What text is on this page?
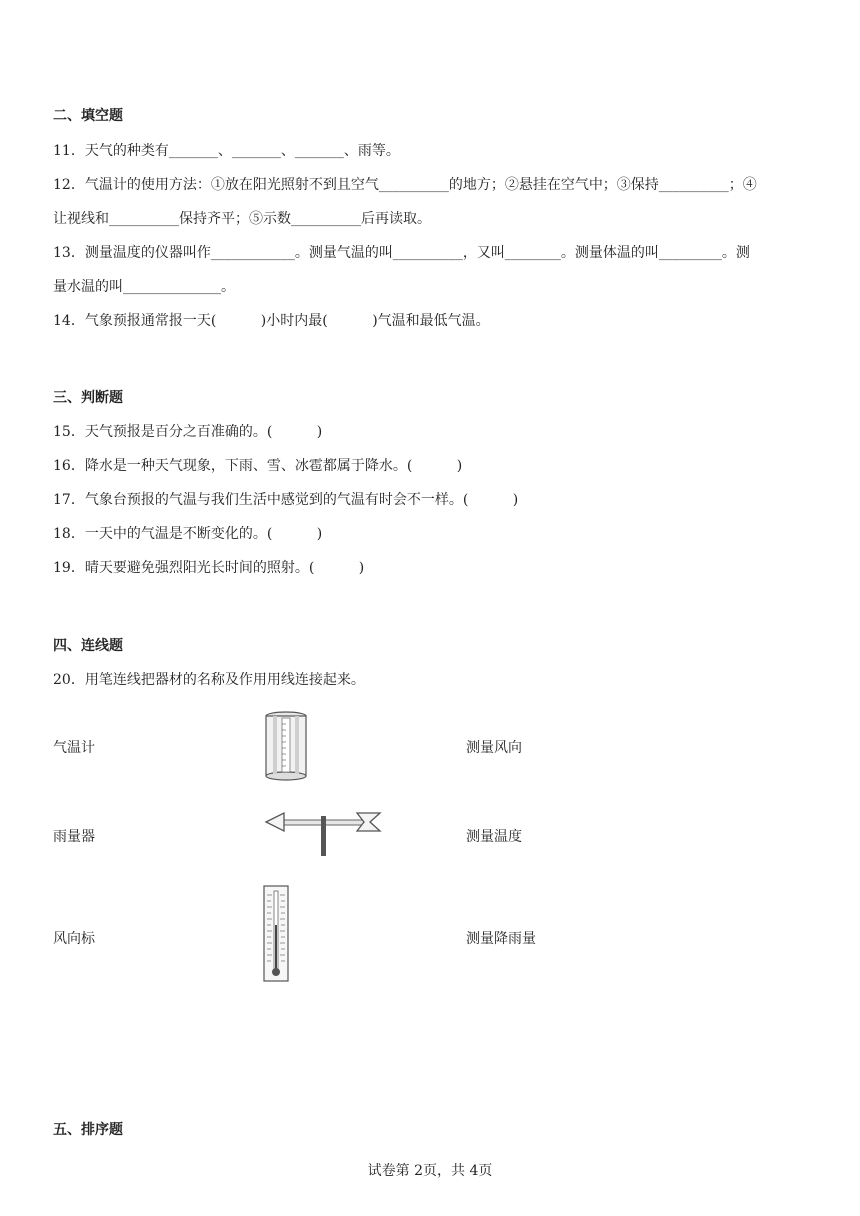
二、填空题
11．天气的种类有_______、_______、_______、雨等。
12．气温计的使用方法：①放在阳光照射不到且空气__________的地方；②悬挂在空气中；③保持__________；④
让视线和__________保持齐平；⑤示数__________后再读取。
13．测量温度的仪器叫作____________。测量气温的叫__________，又叫________。测量体温的叫_________。测
量水温的叫______________。
14．气象预报通常报一天(          )小时内最(          )气温和最低气温。
三、判断题
15．天气预报是百分之百准确的。(          )
16．降水是一种天气现象，下雨、雪、冰雹都属于降水。(          )
17．气象台预报的气温与我们生活中感觉到的气温有时会不一样。(          )
18．一天中的气温是不断变化的。(          )
19．晴天要避免强烈阳光长时间的照射。(          )
四、连线题
20．用笔连线把器材的名称及作用用线连接起来。
气温计
雨量器
风向标
测量风向
测量温度
测量降雨量
五、排序题
试卷第 2页，共 4页
